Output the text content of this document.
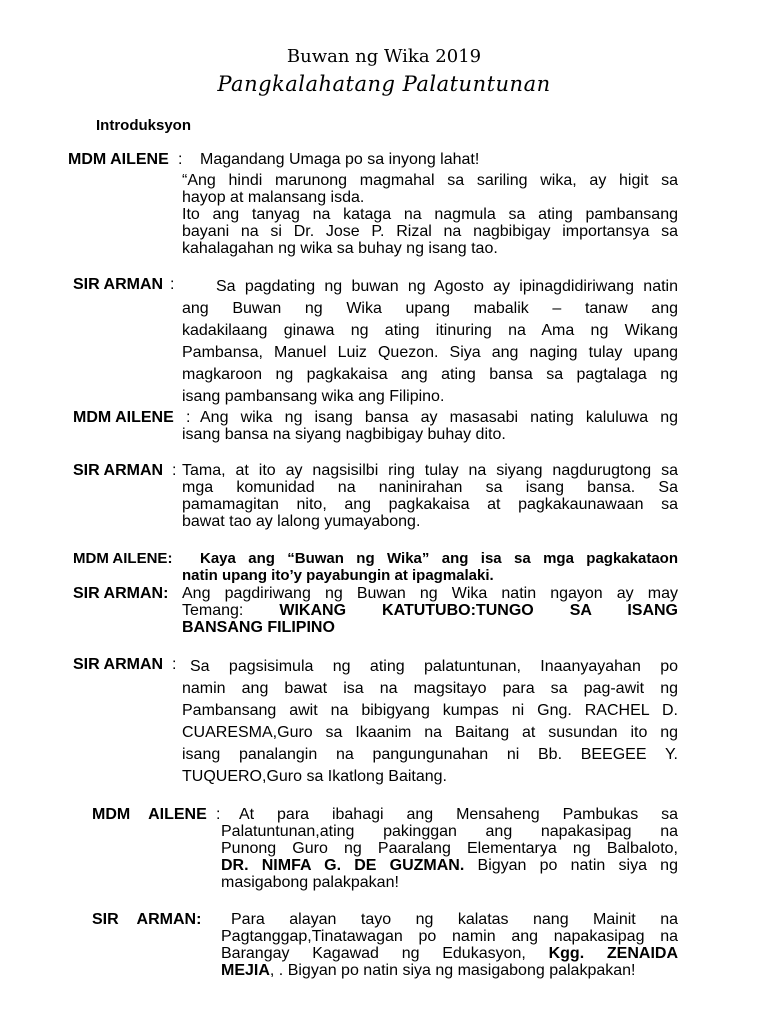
Buwan ng Wika 2019
Pangkalahatang Palatuntunan
Introduksyon
MDM AILENE : Magandang Umaga po sa inyong lahat!
“Ang hindi marunong magmahal sa sariling wika, ay higit sa
hayop at malansang isda.
Ito ang tanyag na kataga na nagmula sa ating pambansang
bayani na si Dr. Jose P. Rizal na nagbibigay importansya sa
kahalagahan ng wika sa buhay ng isang tao.
SIR ARMAN :	Sa pagdating ng buwan ng Agosto ay ipinagdidiriwang natin
ang Buwan ng Wika upang mabalik – tanaw ang
kadakilaang ginawa ng ating itinuring na Ama ng Wikang
Pambansa, Manuel Luiz Quezon. Siya ang naging tulay upang
magkaroon ng pagkakaisa ang ating bansa sa pagtalaga ng
isang pambansang wika ang Filipino.
MDM AILENE : Ang wika ng isang bansa ay masasabi nating kaluluwa ng
isang bansa na siyang nagbibigay buhay dito.
SIR ARMAN : Tama, at ito ay nagsisilbi ring tulay na siyang nagdurugtong sa
mga komunidad na naninirahan sa isang bansa. Sa
pamamagitan nito, ang pagkakaisa at pagkakaunawaan sa
bawat tao ay lalong yumayabong.
MDM AILENE:	Kaya ang “Buwan ng Wika” ang isa sa mga pagkakataon
natin upang ito’y payabungin at ipagmalaki.
SIR ARMAN: Ang pagdiriwang ng Buwan ng Wika natin ngayon ay may
Temang: WIKANG KATUTUBO:TUNGO SA ISANG
BANSANG FILIPINO
SIR ARMAN : Sa pagsisimula ng ating palatuntunan, Inaanyayahan po
namin ang bawat isa na magsitayo para sa pag-awit ng
Pambansang awit na bibigyang kumpas ni Gng. RACHEL D.
CUARESMA,Guro sa Ikaanim na Baitang at susundan ito ng
isang panalangin na pangungunahan ni Bb. BEEGEE Y.
TUQUERO,Guro sa Ikatlong Baitang.
MDM AILENE :	At para ibahagi ang Mensaheng Pambukas sa
Palatuntunan,ating pakinggan ang napakasipag na
Punong Guro ng Paaralang Elementarya ng Balbaloto,
DR. NIMFA G. DE GUZMAN. Bigyan po natin siya ng
masigabong palakpakan!
SIR ARMAN:	Para alayan tayo ng kalatas nang Mainit na
Pagtanggap,Tinatawagan po namin ang napakasipag na
Barangay Kagawad ng Edukasyon, Kgg. ZENAIDA
MEJIA, . Bigyan po natin siya ng masigabong palakpakan!
